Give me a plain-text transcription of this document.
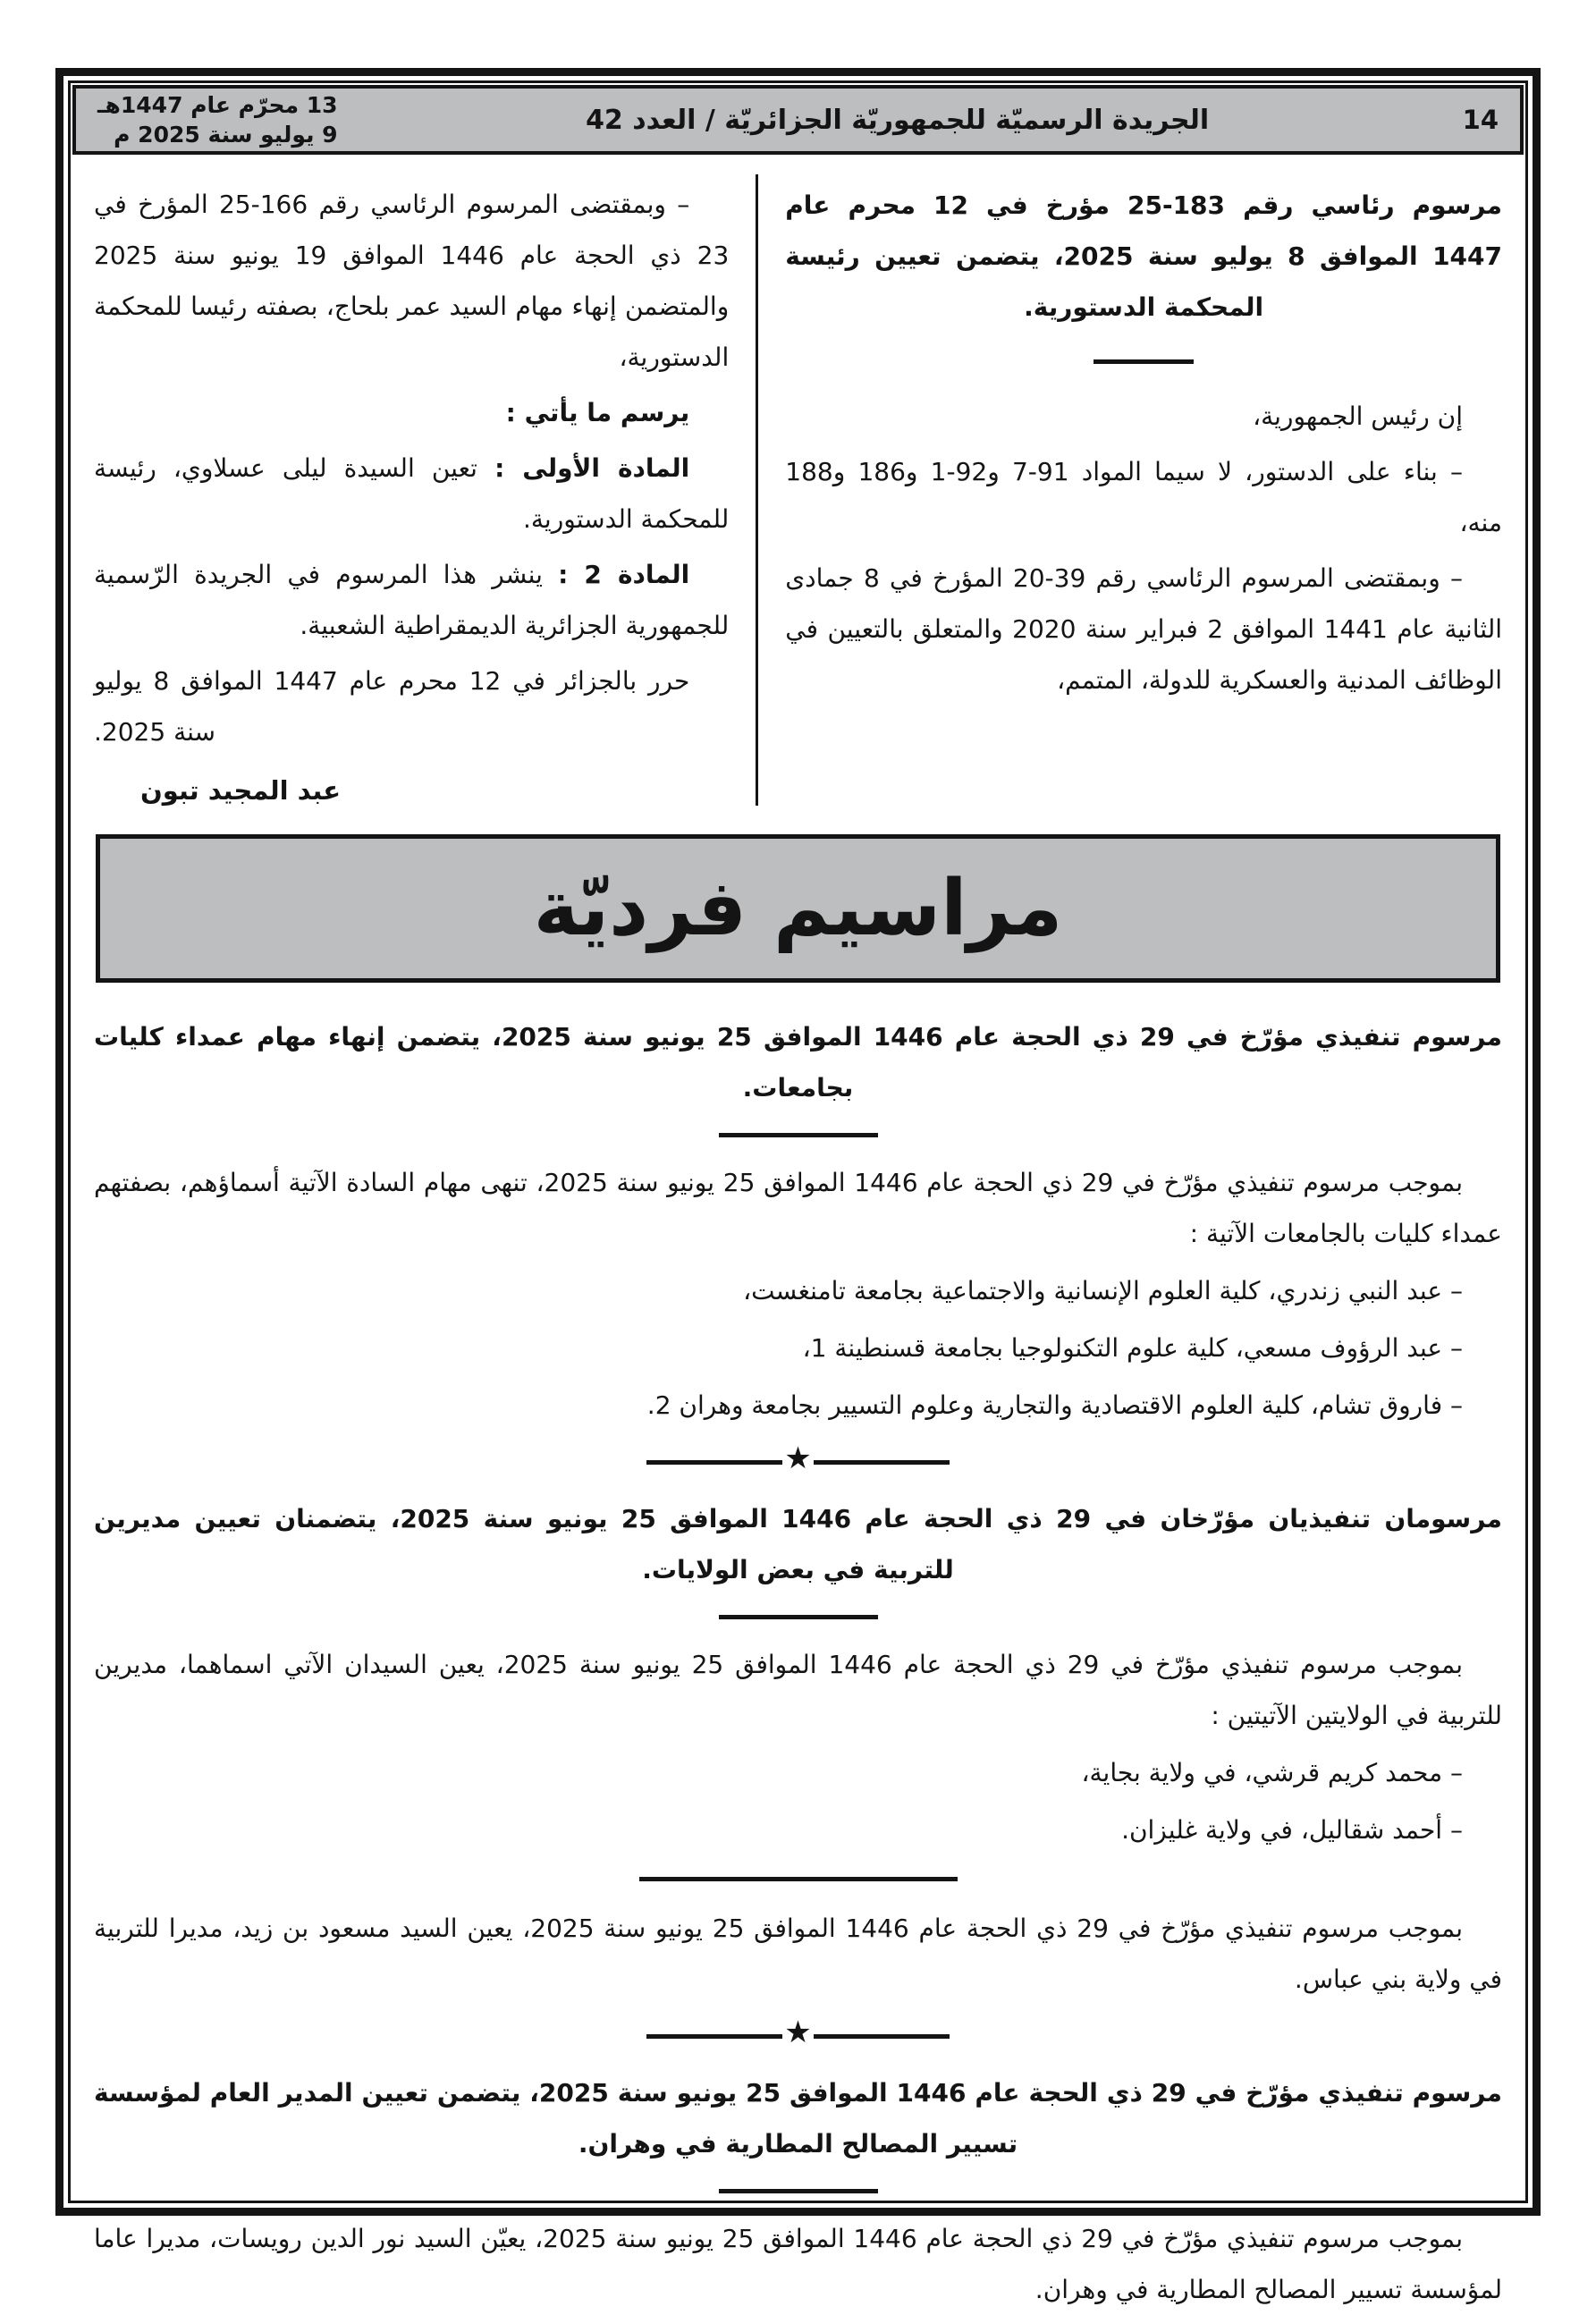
13 محرّم عام 1447هـ
9 يوليو سنة 2025 م	الجريدة الرسميّة للجمهوريّة الجزائريّة / العدد 42	14
مرسوم رئاسي رقم 183-25 مؤرخ في 12 محرم عام 1447 الموافق 8 يوليو سنة 2025، يتضمن تعيين رئيسة المحكمة الدستورية.

إن رئيس الجمهورية،

– بناء على الدستور، لا سيما المواد 91-7 و92-1 و186 و188 منه،

– وبمقتضى المرسوم الرئاسي رقم 39-20 المؤرخ في 8 جمادى الثانية عام 1441 الموافق 2 فبراير سنة 2020 والمتعلق بالتعيين في الوظائف المدنية والعسكرية للدولة، المتمم،

– وبمقتضى المرسوم الرئاسي رقم 166-25 المؤرخ في 23 ذي الحجة عام 1446 الموافق 19 يونيو سنة 2025 والمتضمن إنهاء مهام السيد عمر بلحاج، بصفته رئيسا للمحكمة الدستورية،

يرسم ما يأتي :

المادة الأولى : تعين السيدة ليلى عسلاوي، رئيسة للمحكمة الدستورية.

المادة 2 : ينشر هذا المرسوم في الجريدة الرّسمية للجمهورية الجزائرية الديمقراطية الشعبية.

حرر بالجزائر في 12 محرم عام 1447 الموافق 8 يوليو سنة 2025.

عبد المجيد تبون
مراسيم فرديّة
مرسوم تنفيذي مؤرّخ في 29 ذي الحجة عام 1446 الموافق 25 يونيو سنة 2025، يتضمن إنهاء مهام عمداء كليات بجامعات.

بموجب مرسوم تنفيذي مؤرّخ في 29 ذي الحجة عام 1446 الموافق 25 يونيو سنة 2025، تنهى مهام السادة الآتية أسماؤهم، بصفتهم عمداء كليات بالجامعات الآتية :

– عبد النبي زندري، كلية العلوم الإنسانية والاجتماعية بجامعة تامنغست،

– عبد الرؤوف مسعي، كلية علوم التكنولوجيا بجامعة قسنطينة 1،

– فاروق تشام، كلية العلوم الاقتصادية والتجارية وعلوم التسيير بجامعة وهران 2.

★
مرسومان تنفيذيان مؤرّخان في 29 ذي الحجة عام 1446 الموافق 25 يونيو سنة 2025، يتضمنان تعيين مديرين للتربية في بعض الولايات.

بموجب مرسوم تنفيذي مؤرّخ في 29 ذي الحجة عام 1446 الموافق 25 يونيو سنة 2025، يعين السيدان الآتي اسماهما، مديرين للتربية في الولايتين الآتيتين :

– محمد كريم قرشي، في ولاية بجاية،

– أحمد شقاليل، في ولاية غليزان.

بموجب مرسوم تنفيذي مؤرّخ في 29 ذي الحجة عام 1446 الموافق 25 يونيو سنة 2025، يعين السيد مسعود بن زيد، مديرا للتربية في ولاية بني عباس.

★
مرسوم تنفيذي مؤرّخ في 29 ذي الحجة عام 1446 الموافق 25 يونيو سنة 2025، يتضمن تعيين المدير العام لمؤسسة تسيير المصالح المطارية في وهران.

بموجب مرسوم تنفيذي مؤرّخ في 29 ذي الحجة عام 1446 الموافق 25 يونيو سنة 2025، يعيّن السيد نور الدين رويسات، مديرا عاما لمؤسسة تسيير المصالح المطارية في وهران.
